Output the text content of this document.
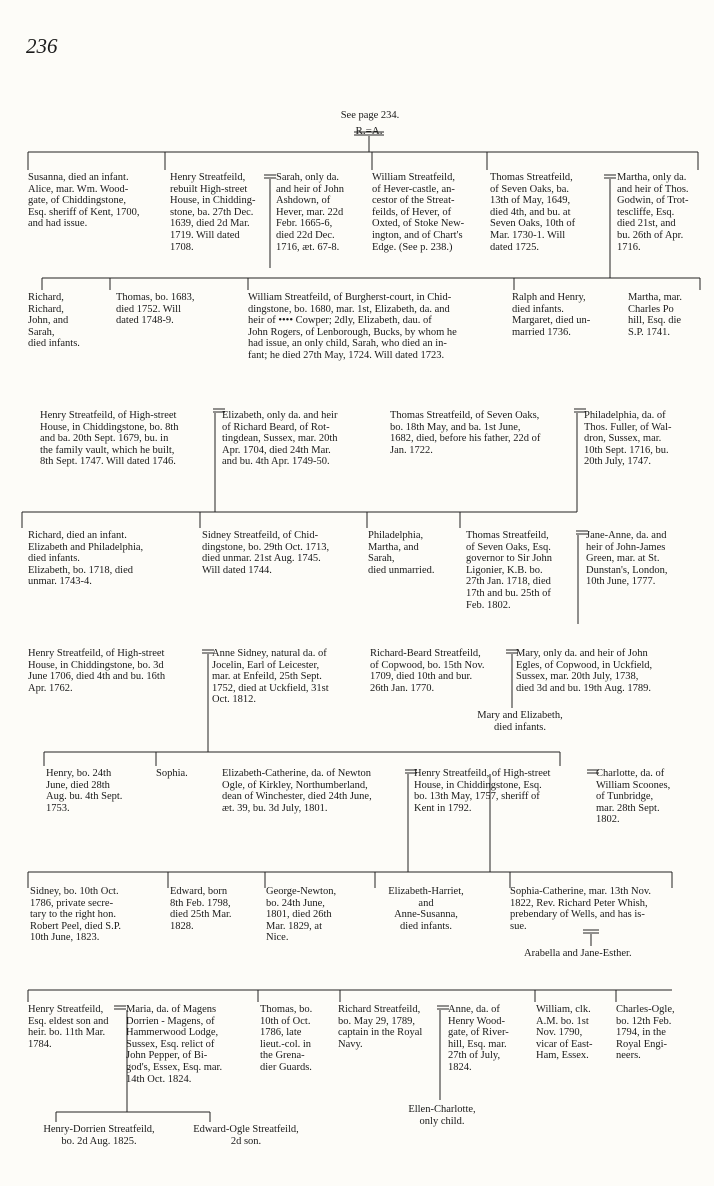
236

See page 234.

R.=A.

Susanna, died an infant.
Alice, mar. Wm. Wood-
gate, of Chiddingstone,
Esq. sheriff of Kent, 1700,
and had issue.

Henry Streatfeild,
rebuilt High-street
House, in Chidding-
stone, ba. 27th Dec.
1639, died 2d Mar.
1719. Will dated
1708.

Sarah, only da.
and heir of John
Ashdown, of
Hever, mar. 22d
Febr. 1665-6,
died 22d Dec.
1716, æt. 67-8.

William Streatfeild,
of Hever-castle, an-
cestor of the Streat-
feilds, of Hever, of
Oxted, of Stoke New-
ington, and of Chart's
Edge. (See p. 238.)

Thomas Streatfeild,
of Seven Oaks, ba.
13th of May, 1649,
died 4th, and bu. at
Seven Oaks, 10th of
Mar. 1730-1. Will
dated 1725.

Martha, only da.
and heir of Thos.
Godwin, of Trot-
tescliffe, Esq.
died 21st, and
bu. 26th of Apr.
1716.

Richard,
Richard,
John, and
Sarah,
died infants.

Thomas, bo. 1683,
died 1752. Will
dated 1748-9.

William Streatfeild, of Burgherst-court, in Chid-
dingstone, bo. 1680, mar. 1st, Elizabeth, da. and
heir of •••• Cowper; 2dly, Elizabeth, dau. of
John Rogers, of Lenborough, Bucks, by whom he
had issue, an only child, Sarah, who died an in-
fant; he died 27th May, 1724. Will dated 1723.

Ralph and Henry,
died infants.
Margaret, died un-
married 1736.

Martha, mar.
Charles Po
hill, Esq. die
S.P. 1741.

Henry Streatfeild, of High-street
House, in Chiddingstone, bo. 8th
and ba. 20th Sept. 1679, bu. in
the family vault, which he built,
8th Sept. 1747. Will dated 1746.

Elizabeth, only da. and heir
of Richard Beard, of Rot-
tingdean, Sussex, mar. 20th
Apr. 1704, died 24th Mar.
and bu. 4th Apr. 1749-50.

Thomas Streatfeild, of Seven Oaks,
bo. 18th May, and ba. 1st June,
1682, died, before his father, 22d of
Jan. 1722.

Philadelphia, da. of
Thos. Fuller, of Wal-
dron, Sussex, mar.
10th Sept. 1716, bu.
20th July, 1747.

Richard, died an infant.
Elizabeth and Philadelphia,
died infants.
Elizabeth, bo. 1718, died
unmar. 1743-4.

Sidney Streatfeild, of Chid-
dingstone, bo. 29th Oct. 1713,
died unmar. 21st Aug. 1745.
Will dated 1744.

Philadelphia,
Martha, and
Sarah,
died unmarried.

Thomas Streatfeild,
of Seven Oaks, Esq.
governor to Sir John
Ligonier, K.B. bo.
27th Jan. 1718, died
17th and bu. 25th of
Feb. 1802.

Jane-Anne, da. and
heir of John-James
Green, mar. at St.
Dunstan's, London,
10th June, 1777.

Henry Streatfeild, of High-street
House, in Chiddingstone, bo. 3d
June 1706, died 4th and bu. 16th
Apr. 1762.

Anne Sidney, natural da. of
Jocelin, Earl of Leicester,
mar. at Enfeild, 25th Sept.
1752, died at Uckfield, 31st
Oct. 1812.

Richard-Beard Streatfeild,
of Copwood, bo. 15th Nov.
1709, died 10th and bur.
26th Jan. 1770.

Mary, only da. and heir of John
Egles, of Copwood, in Uckfield,
Sussex, mar. 20th July, 1738,
died 3d and bu. 19th Aug. 1789.

Mary and Elizabeth,
died infants.

Henry, bo. 24th
June, died 28th
Aug. bu. 4th Sept.
1753.

Sophia.	Elizabeth-Catherine, da. of Newton
Ogle, of Kirkley, Northumberland,
dean of Winchester, died 24th June,
æt. 39, bu. 3d July, 1801.

Henry Streatfeild, of High-street
House, in Chiddingstone, Esq.
bo. 13th May, 1757, sheriff of
Kent in 1792.

Charlotte, da. of
William Scoones,
of Tunbridge,
mar. 28th Sept.
1802.

Sidney, bo. 10th Oct.
1786, private secre-
tary to the right hon.
Robert Peel, died S.P.
10th June, 1823.

Edward, born
8th Feb. 1798,
died 25th Mar.
1828.

George-Newton,
bo. 24th June,
1801, died 26th
Mar. 1829, at
Nice.

Elizabeth-Harriet,
and
Anne-Susanna,
died infants.

Sophia-Catherine, mar. 13th Nov.
1822, Rev. Richard Peter Whish,
prebendary of Wells, and has is-
sue.

Arabella and Jane-Esther.

Henry Streatfeild,
Esq. eldest son and
heir. bo. 11th Mar.
1784.

Maria, da. of Magens
Dorrien - Magens, of
Hammerwood Lodge,
Sussex, Esq. relict of
John Pepper, of Bi-
god's, Essex, Esq. mar.
14th Oct. 1824.

Thomas, bo.
10th of Oct.
1786, late
lieut.-col. in
the Grena-
dier Guards.

Richard Streatfeild,
bo. May 29, 1789,
captain in the Royal
Navy.

Anne, da. of
Henry Wood-
gate, of River-
hill, Esq. mar.
27th of July,
1824.

William, clk.
A.M. bo. 1st
Nov. 1790,
vicar of East-
Ham, Essex.

Charles-Ogle,
bo. 12th Feb.
1794, in the
Royal Engi-
neers.

Ellen-Charlotte,
only child.

Henry-Dorrien Streatfeild,
bo. 2d Aug. 1825.

Edward-Ogle Streatfeild,
2d son.
